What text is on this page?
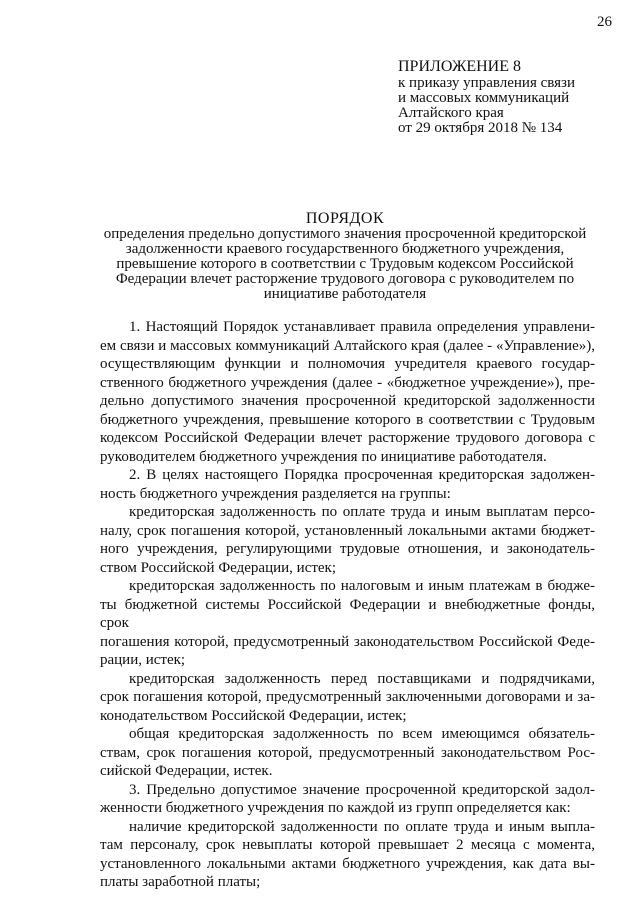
26
ПРИЛОЖЕНИЕ 8
к приказу управления связи
и массовых коммуникаций
Алтайского края
от 29 октября 2018 № 134
ПОРЯДОК
определения предельно допустимого значения просроченной кредиторской
задолженности краевого государственного бюджетного учреждения,
превышение которого в соответствии с Трудовым кодексом Российской
Федерации влечет расторжение трудового договора с руководителем по
инициативе работодателя
1. Настоящий Порядок устанавливает правила определения управлени-
ем связи и массовых коммуникаций Алтайского края (далее - «Управление»),
осуществляющим функции и полномочия учредителя краевого государ-
ственного бюджетного учреждения (далее - «бюджетное учреждение»), пре-
дельно допустимого значения просроченной кредиторской задолженности
бюджетного учреждения, превышение которого в соответствии с Трудовым
кодексом Российской Федерации влечет расторжение трудового договора с
руководителем бюджетного учреждения по инициативе работодателя.
2. В целях настоящего Порядка просроченная кредиторская задолжен-
ность бюджетного учреждения разделяется на группы:
кредиторская задолженность по оплате труда и иным выплатам персо-
налу, срок погашения которой, установленный локальными актами бюджет-
ного учреждения, регулирующими трудовые отношения, и законодатель-
ством Российской Федерации, истек;
кредиторская задолженность по налоговым и иным платежам в бюдже-
ты бюджетной системы Российской Федерации и внебюджетные фонды, срок
погашения которой, предусмотренный законодательством Российской Феде-
рации, истек;
кредиторская задолженность перед поставщиками и подрядчиками,
срок погашения которой, предусмотренный заключенными договорами и за-
конодательством Российской Федерации, истек;
общая кредиторская задолженность по всем имеющимся обязатель-
ствам, срок погашения которой, предусмотренный законодательством Рос-
сийской Федерации, истек.
3. Предельно допустимое значение просроченной кредиторской задол-
женности бюджетного учреждения по каждой из групп определяется как:
наличие кредиторской задолженности по оплате труда и иным выпла-
там персоналу, срок невыплаты которой превышает 2 месяца с момента,
установленного локальными актами бюджетного учреждения, как дата вы-
платы заработной платы;
